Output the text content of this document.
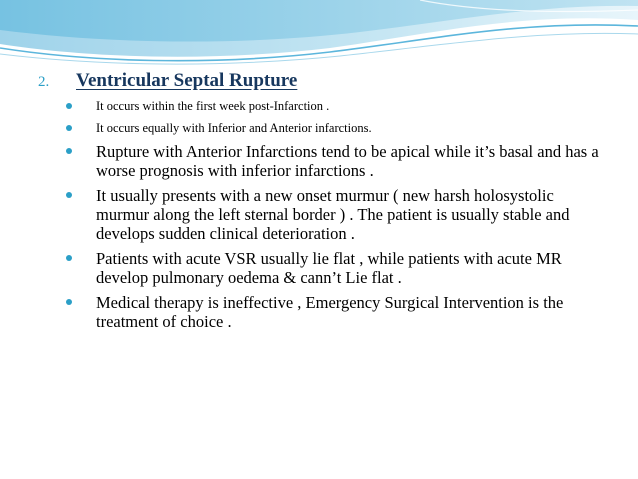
2.	Ventricular Septal Rupture
It occurs within the first week post-Infarction .
It occurs equally with Inferior and Anterior infarctions.
Rupture with Anterior Infarctions tend to be apical while it’s basal and has a worse prognosis with inferior infarctions .
It usually presents with a new onset murmur ( new harsh holosystolic murmur along the left sternal border ) . The patient is usually stable and develops sudden clinical deterioration .
Patients with acute VSR usually lie flat , while patients with acute MR develop pulmonary oedema & cann’t Lie flat .
Medical therapy is ineffective , Emergency Surgical Intervention is the treatment of choice .
